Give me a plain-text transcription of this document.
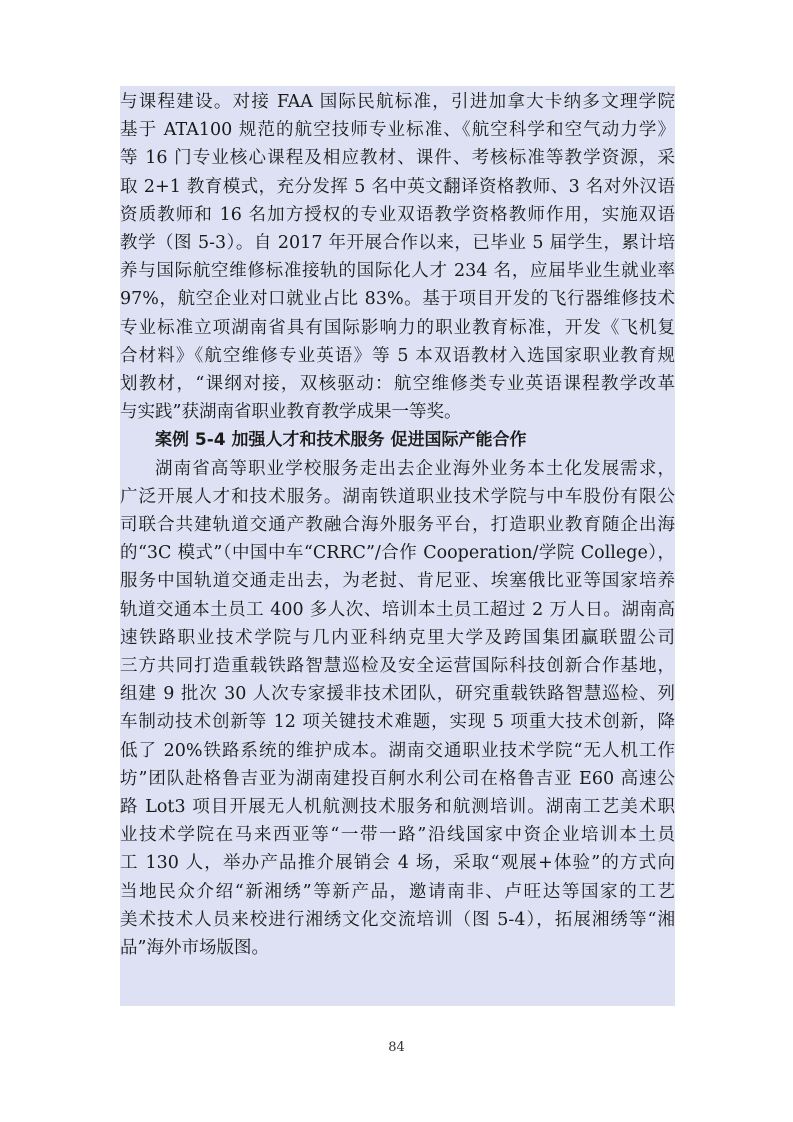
与课程建设。对接 FAA 国际民航标准，引进加拿大卡纳多文理学院
基于 ATA100 规范的航空技师专业标准、《航空科学和空气动力学》
等 16 门专业核心课程及相应教材、课件、考核标准等教学资源，采
取 2+1 教育模式，充分发挥 5 名中英文翻译资格教师、3 名对外汉语
资质教师和 16 名加方授权的专业双语教学资格教师作用，实施双语
教学（图 5-3）。自 2017 年开展合作以来，已毕业 5 届学生，累计培
养与国际航空维修标准接轨的国际化人才 234 名，应届毕业生就业率
97%，航空企业对口就业占比 83%。基于项目开发的飞行器维修技术
专业标准立项湖南省具有国际影响力的职业教育标准，开发《飞机复
合材料》《航空维修专业英语》等 5 本双语教材入选国家职业教育规
划教材，“课纲对接，双核驱动：航空维修类专业英语课程教学改革
与实践”获湖南省职业教育教学成果一等奖。
案例 5-4 加强人才和技术服务 促进国际产能合作
湖南省高等职业学校服务走出去企业海外业务本土化发展需求，
广泛开展人才和技术服务。湖南铁道职业技术学院与中车股份有限公
司联合共建轨道交通产教融合海外服务平台，打造职业教育随企出海
的“3C 模式”（中国中车“CRRC”/合作 Cooperation/学院 College），
服务中国轨道交通走出去，为老挝、肯尼亚、埃塞俄比亚等国家培养
轨道交通本土员工 400 多人次、培训本土员工超过 2 万人日。湖南高
速铁路职业技术学院与几内亚科纳克里大学及跨国集团赢联盟公司
三方共同打造重载铁路智慧巡检及安全运营国际科技创新合作基地，
组建 9 批次 30 人次专家援非技术团队，研究重载铁路智慧巡检、列
车制动技术创新等 12 项关键技术难题，实现 5 项重大技术创新，降
低了 20%铁路系统的维护成本。湖南交通职业技术学院“无人机工作
坊”团队赴格鲁吉亚为湖南建投百舸水利公司在格鲁吉亚 E60 高速公
路 Lot3 项目开展无人机航测技术服务和航测培训。湖南工艺美术职
业技术学院在马来西亚等“一带一路”沿线国家中资企业培训本土员
工 130 人，举办产品推介展销会 4 场，采取“观展+体验”的方式向
当地民众介绍“新湘绣”等新产品，邀请南非、卢旺达等国家的工艺
美术技术人员来校进行湘绣文化交流培训（图 5-4），拓展湘绣等“湘
品”海外市场版图。
84
